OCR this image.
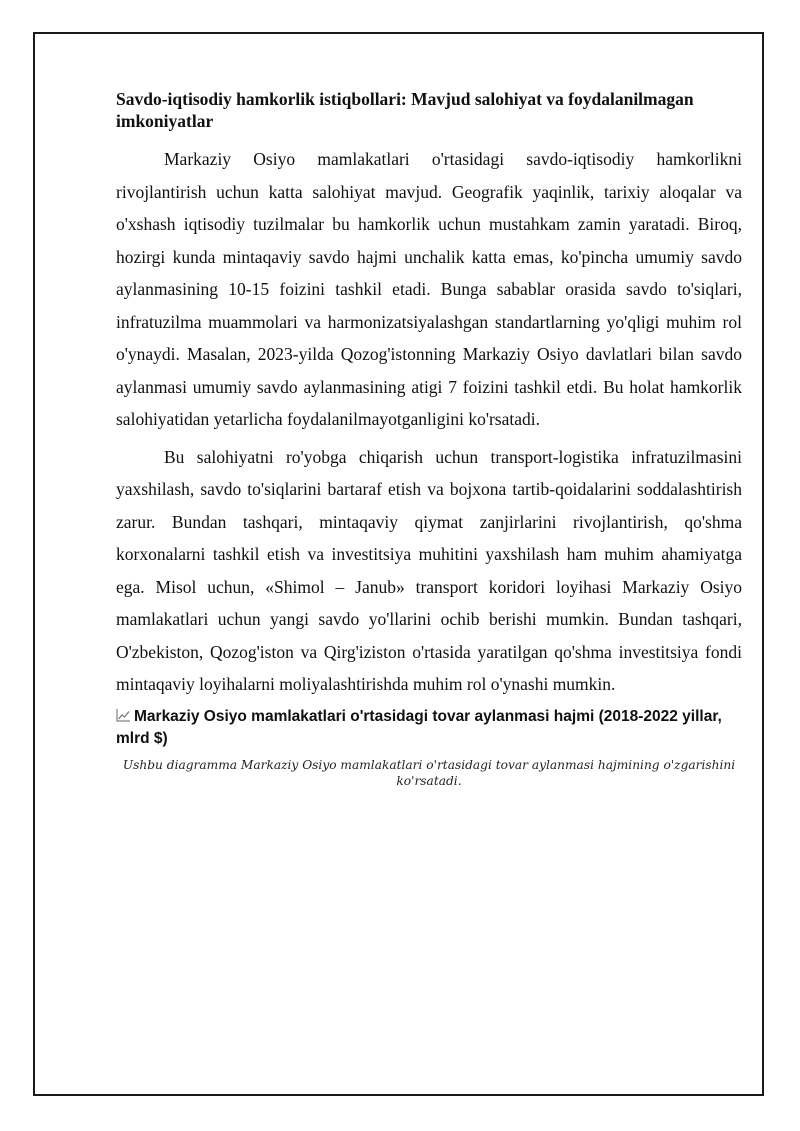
Savdo-iqtisodiy hamkorlik istiqbollari: Mavjud salohiyat va foydalanilmagan imkoniyatlar

Markaziy Osiyo mamlakatlari o'rtasidagi savdo-iqtisodiy hamkorlikni rivojlantirish uchun katta salohiyat mavjud. Geografik yaqinlik, tarixiy aloqalar va o'xshash iqtisodiy tuzilmalar bu hamkorlik uchun mustahkam zamin yaratadi. Biroq, hozirgi kunda mintaqaviy savdo hajmi unchalik katta emas, ko'pincha umumiy savdo aylanmasining 10-15 foizini tashkil etadi. Bunga sabablar orasida savdo to'siqlari, infratuzilma muammolari va harmonizatsiyalashgan standartlarning yo'qligi muhim rol o'ynaydi. Masalan, 2023-yilda Qozog'istonning Markaziy Osiyo davlatlari bilan savdo aylanmasi umumiy savdo aylanmasining atigi 7 foizini tashkil etdi. Bu holat hamkorlik salohiyatidan yetarlicha foydalanilmayotganligini ko'rsatadi.

Bu salohiyatni ro'yobga chiqarish uchun transport-logistika infratuzilmasini yaxshilash, savdo to'siqlarini bartaraf etish va bojxona tartib-qoidalarini soddalashtirish zarur. Bundan tashqari, mintaqaviy qiymat zanjirlarini rivojlantirish, qo'shma korxonalarni tashkil etish va investitsiya muhitini yaxshilash ham muhim ahamiyatga ega. Misol uchun, «Shimol – Janub» transport koridori loyihasi Markaziy Osiyo mamlakatlari uchun yangi savdo yo'llarini ochib berishi mumkin. Bundan tashqari, O'zbekiston, Qozog'iston va Qirg'iziston o'rtasida yaratilgan qo'shma investitsiya fondi mintaqaviy loyihalarni moliyalashtirishda muhim rol o'ynashi mumkin.

Markaziy Osiyo mamlakatlari o'rtasidagi tovar aylanmasi hajmi (2018-2022 yillar, mlrd $)
Ushbu diagramma Markaziy Osiyo mamlakatlari o'rtasidagi tovar aylanmasi hajmining o'zgarishini ko'rsatadi.
